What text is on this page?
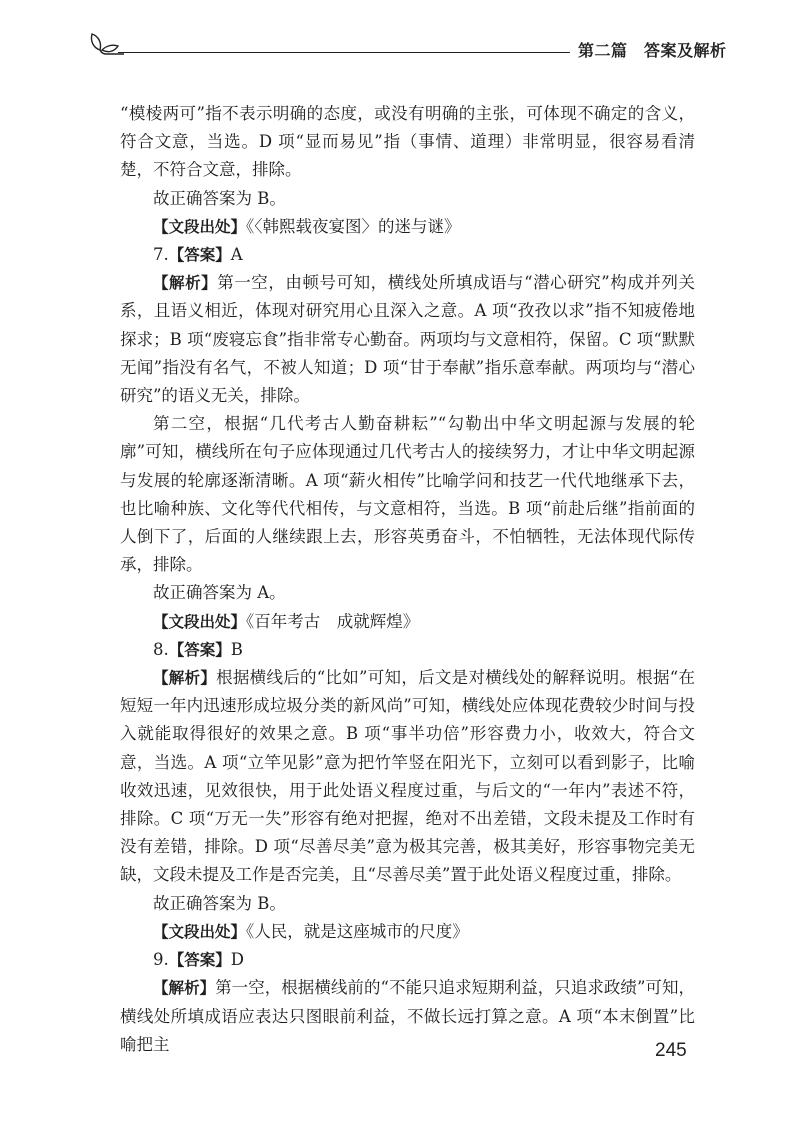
第二篇　答案及解析

“模棱两可”指不表示明确的态度，或没有明确的主张，可体现不确定的含义，符合文意，当选。D 项“显而易见”指（事情、道理）非常明显，很容易看清楚，不符合文意，排除。

故正确答案为 B。

【文段出处】《〈韩熙载夜宴图〉的迷与谜》

7.【答案】A

【解析】第一空，由顿号可知，横线处所填成语与“潜心研究”构成并列关系，且语义相近，体现对研究用心且深入之意。A 项“孜孜以求”指不知疲倦地探求；B 项“废寝忘食”指非常专心勤奋。两项均与文意相符，保留。C 项“默默无闻”指没有名气，不被人知道；D 项“甘于奉献”指乐意奉献。两项均与“潜心研究”的语义无关，排除。

第二空，根据“几代考古人勤奋耕耘”“勾勒出中华文明起源与发展的轮廓”可知，横线所在句子应体现通过几代考古人的接续努力，才让中华文明起源与发展的轮廓逐渐清晰。A 项“薪火相传”比喻学问和技艺一代代地继承下去，也比喻种族、文化等代代相传，与文意相符，当选。B 项“前赴后继”指前面的人倒下了，后面的人继续跟上去，形容英勇奋斗，不怕牺牲，无法体现代际传承，排除。

故正确答案为 A。

【文段出处】《百年考古　成就辉煌》

8.【答案】B

【解析】根据横线后的“比如”可知，后文是对横线处的解释说明。根据“在短短一年内迅速形成垃圾分类的新风尚”可知，横线处应体现花费较少时间与投入就能取得很好的效果之意。B 项“事半功倍”形容费力小，收效大，符合文意，当选。A 项“立竿见影”意为把竹竿竖在阳光下，立刻可以看到影子，比喻收效迅速，见效很快，用于此处语义程度过重，与后文的“一年内”表述不符，排除。C 项“万无一失”形容有绝对把握，绝对不出差错，文段未提及工作时有没有差错，排除。D 项“尽善尽美”意为极其完善，极其美好，形容事物完美无缺，文段未提及工作是否完美，且“尽善尽美”置于此处语义程度过重，排除。

故正确答案为 B。

【文段出处】《人民，就是这座城市的尺度》

9.【答案】D

【解析】第一空，根据横线前的“不能只追求短期利益，只追求政绩”可知，横线处所填成语应表达只图眼前利益，不做长远打算之意。A 项“本末倒置”比喻把主	245
